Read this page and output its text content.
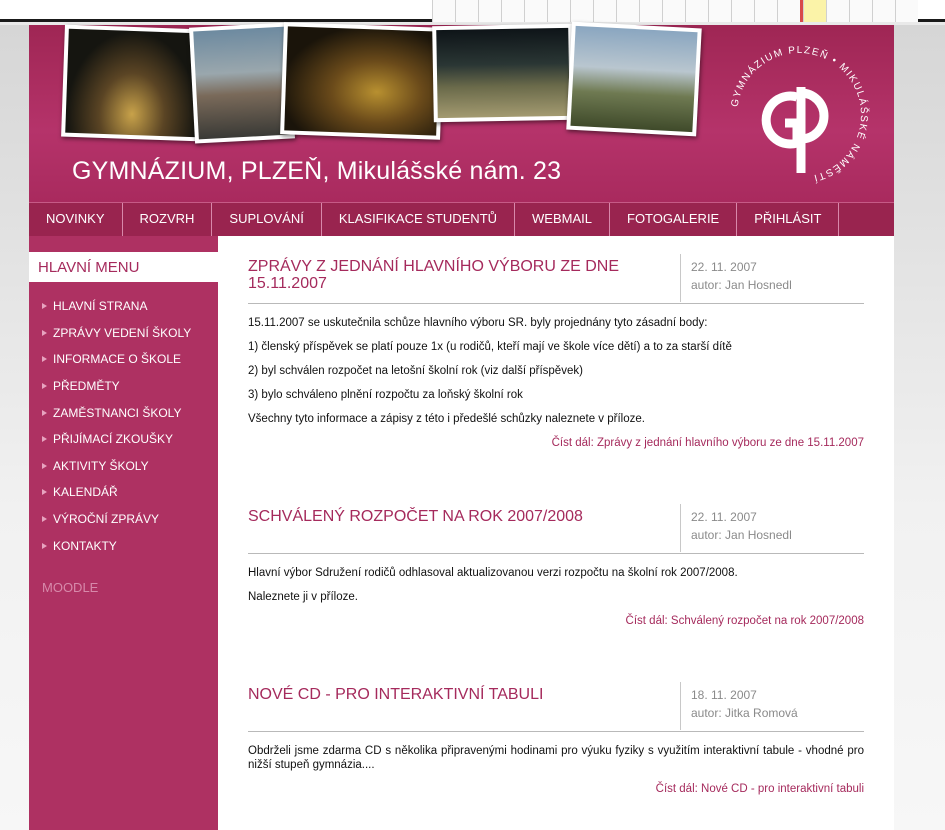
GYMNÁZIUM, PLZEŇ, Mikulášské nám. 23
GYMNÁZIUM PLZEŇ • MIKULÁŠSKÉ NÁMĚSTÍ
NOVINKY	ROZVRH	SUPLOVÁNÍ	KLASIFIKACE STUDENTŮ	WEBMAIL	FOTOGALERIE	PŘIHLÁSIT
HLAVNÍ MENU
HLAVNÍ STRANA
ZPRÁVY VEDENÍ ŠKOLY
INFORMACE O ŠKOLE
PŘEDMĚTY
ZAMĚSTNANCI ŠKOLY
PŘIJÍMACÍ ZKOUŠKY
AKTIVITY ŠKOLY
KALENDÁŘ
VÝROČNÍ ZPRÁVY
KONTAKTY
MOODLE
ZPRÁVY Z JEDNÁNÍ HLAVNÍHO VÝBORU ZE DNE 15.11.2007
22. 11. 2007
autor: Jan Hosnedl

15.11.2007 se uskutečnila schůze hlavního výboru SR. byly projednány tyto zásadní body:

1) členský příspěvek se platí pouze 1x (u rodičů, kteří mají ve škole více dětí) a to za starší dítě

2) byl schválen rozpočet na letošní školní rok (viz další příspěvek)

3) bylo schváleno plnění rozpočtu za loňský školní rok

Všechny tyto informace a zápisy z této i předešlé schůzky naleznete v příloze.

Číst dál: Zprávy z jednání hlavního výboru ze dne 15.11.2007
SCHVÁLENÝ ROZPOČET NA ROK 2007/2008	22. 11. 2007
autor: Jan Hosnedl

Hlavní výbor Sdružení rodičů odhlasoval aktualizovanou verzi rozpočtu na školní rok 2007/2008.

Naleznete ji v příloze.

Číst dál: Schválený rozpočet na rok 2007/2008
NOVÉ CD - PRO INTERAKTIVNÍ TABULI	18. 11. 2007
autor: Jitka Romová

Obdrželi jsme zdarma CD s několika připravenými hodinami pro výuku fyziky s využitím interaktivní tabule - vhodné pro nižší stupeň gymnázia....

Číst dál: Nové CD - pro interaktivní tabuli
